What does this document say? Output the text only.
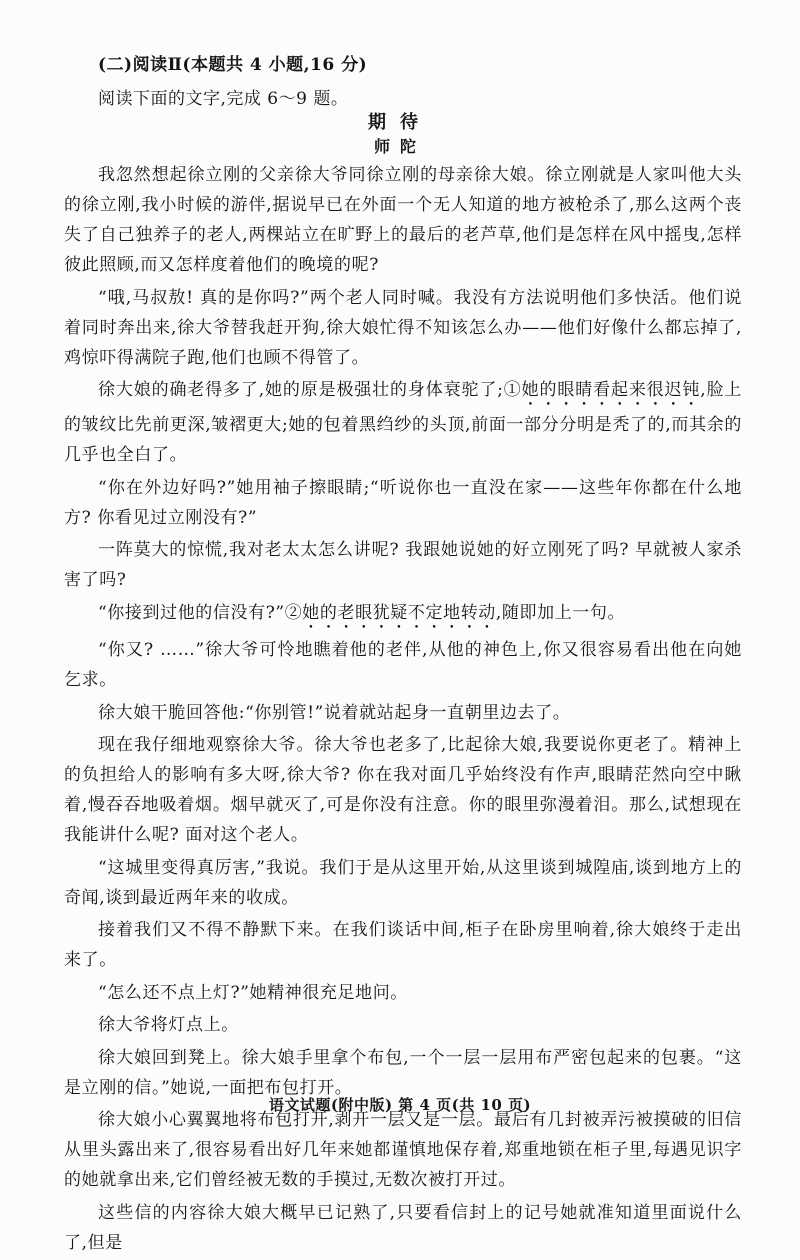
(二)阅读Ⅱ(本题共 4 小题,16 分)
阅读下面的文字,完成 6～9 题。
期待
师陀

我忽然想起徐立刚的父亲徐大爷同徐立刚的母亲徐大娘。徐立刚就是人家叫他大头的徐立刚,我小时候的游伴,据说早已在外面一个无人知道的地方被枪杀了,那么这两个丧失了自己独养子的老人,两棵站立在旷野上的最后的老芦草,他们是怎样在风中摇曳,怎样彼此照顾,而又怎样度着他们的晚境的呢?

“哦,马叔敖! 真的是你吗?”两个老人同时喊。我没有方法说明他们多快活。他们说着同时奔出来,徐大爷替我赶开狗,徐大娘忙得不知该怎么办——他们好像什么都忘掉了,鸡惊吓得满院子跑,他们也顾不得管了。

徐大娘的确老得多了,她的原是极强壮的身体衰驼了;①她的眼睛看起来很迟钝,脸上的皱纹比先前更深,皱褶更大;她的包着黑绉纱的头顶,前面一部分分明是秃了的,而其余的几乎也全白了。

“你在外边好吗?”她用袖子擦眼睛;“听说你也一直没在家——这些年你都在什么地方? 你看见过立刚没有?”

一阵莫大的惊慌,我对老太太怎么讲呢? 我跟她说她的好立刚死了吗? 早就被人家杀害了吗?

“你接到过他的信没有?”②她的老眼犹疑不定地转动,随即加上一句。

“你又? ……”徐大爷可怜地瞧着他的老伴,从他的神色上,你又很容易看出他在向她乞求。

徐大娘干脆回答他:“你别管!”说着就站起身一直朝里边去了。

现在我仔细地观察徐大爷。徐大爷也老多了,比起徐大娘,我要说你更老了。精神上的负担给人的影响有多大呀,徐大爷? 你在我对面几乎始终没有作声,眼睛茫然向空中瞅着,慢吞吞地吸着烟。烟早就灭了,可是你没有注意。你的眼里弥漫着泪。那么,试想现在我能讲什么呢? 面对这个老人。

“这城里变得真厉害,”我说。我们于是从这里开始,从这里谈到城隍庙,谈到地方上的奇闻,谈到最近两年来的收成。

接着我们又不得不静默下来。在我们谈话中间,柜子在卧房里响着,徐大娘终于走出来了。

“怎么还不点上灯?”她精神很充足地问。

徐大爷将灯点上。

徐大娘回到凳上。徐大娘手里拿个布包,一个一层一层用布严密包起来的包裹。“这是立刚的信。”她说,一面把布包打开。

徐大娘小心翼翼地将布包打开,剥开一层又是一层。最后有几封被弄污被摸破的旧信从里头露出来了,很容易看出好几年来她都谨慎地保存着,郑重地锁在柜子里,每遇见识字的她就拿出来,它们曾经被无数的手摸过,无数次被打开过。

这些信的内容徐大娘大概早已记熟了,只要看信封上的记号她就准知道里面说什么了,但是

语文试题(附中版) 第 4 页(共 10 页)
